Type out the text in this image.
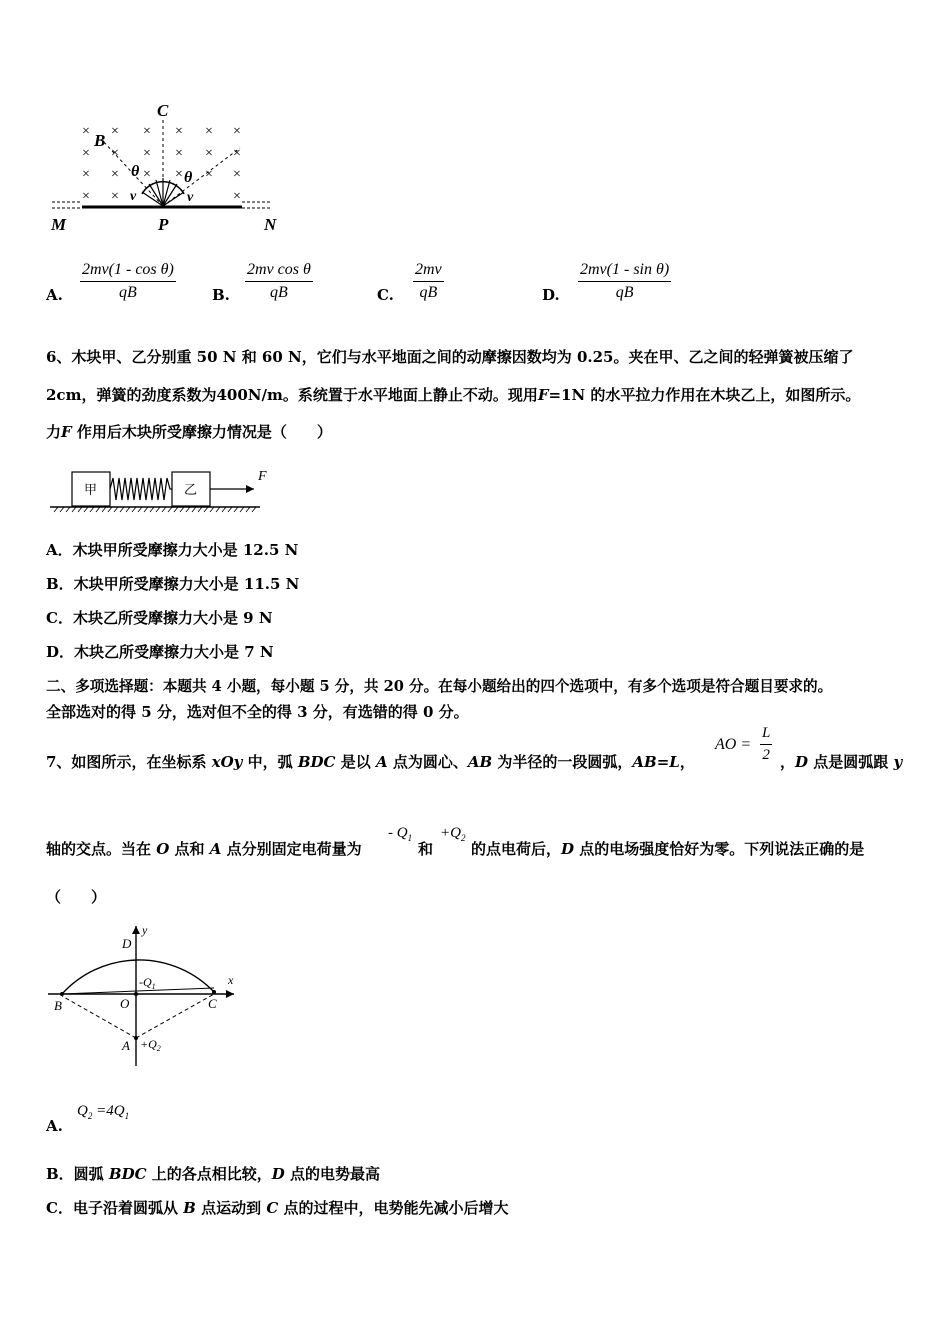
× × × × × ×
× × × × ×
× × × × × ×
× ×	×
×
C
B
θ	θ
v	v
M	P	N
A. $\frac{\text{2mv(1 - cos θ)}}{qB} B$. $\frac{\text{2mv cos θ}}{qB}$	C. $\frac{2mv}{qB}$	D. $\frac{\text{2mv(1 - sin θ)}}{qB}$
6、木块甲、乙分别重 50 N 和 60 N，它们与水平地面之间的动摩擦因数均为 0.25。夹在甲、乙之间的轻弹簧被压缩了
2cm，弹簧的劲度系数为400N/m。系统置于水平地面上静止不动。现用F=1N 的水平拉力作用在木块乙上，如图所示。
力F 作用后木块所受摩擦力情况是（　　）
甲	乙
F
A．木块甲所受摩擦力大小是 12.5 N
B．木块甲所受摩擦力大小是 11.5 N
C．木块乙所受摩擦力大小是 9 N
D．木块乙所受摩擦力大小是 7 N
二、多项选择题：本题共 4 小题，每小题 5 分，共 20 分。在每小题给出的四个选项中，有多个选项是符合题目要求的。
全部选对的得 5 分，选对但不全的得 3 分，有选错的得 0 分。
7、如图所示，在坐标系 xOy 中，弧 BDC 是以 A 点为圆心、AB 为半径的一段圆弧，AB=L，
AO = $\frac{L}{2}$ ，D 点是圆弧跟 y
轴的交点。当在 O 点和 A 点分别固定电荷量为
- $Q_1$
和
$+Q_2$
的点电荷后，D 点的电场强度恰好为零。下列说法正确的是
（　　）
x
y
D
B	O	C
A
$-Q_1$
$+Q_2$
A.
$Q_2 =4Q_1$
B．圆弧 BDC 上的各点相比较，D 点的电势最高
C．电子沿着圆弧从 B 点运动到 C 点的过程中，电势能先减小后增大
